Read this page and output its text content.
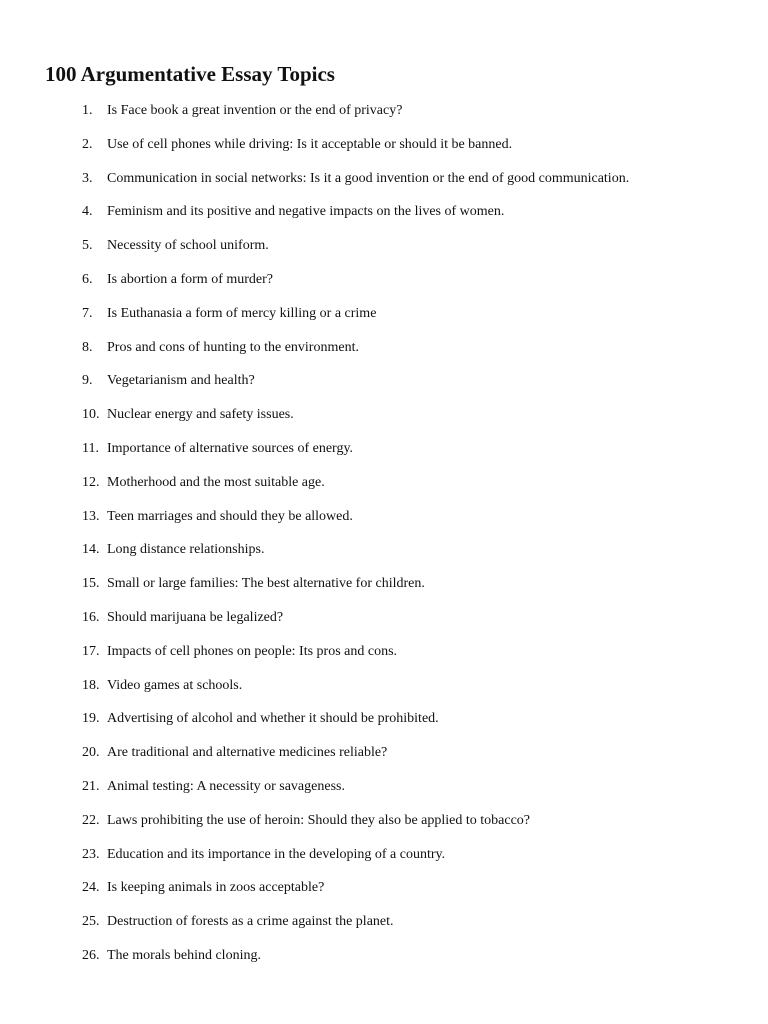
100 Argumentative Essay Topics
1. Is Face book a great invention or the end of privacy?
2. Use of cell phones while driving: Is it acceptable or should it be banned.
3. Communication in social networks: Is it a good invention or the end of good communication.
4. Feminism and its positive and negative impacts on the lives of women.
5. Necessity of school uniform.
6. Is abortion a form of murder?
7. Is Euthanasia a form of mercy killing or a crime
8. Pros and cons of hunting to the environment.
9. Vegetarianism and health?
10. Nuclear energy and safety issues.
11. Importance of alternative sources of energy.
12. Motherhood and the most suitable age.
13. Teen marriages and should they be allowed.
14. Long distance relationships.
15. Small or large families: The best alternative for children.
16. Should marijuana be legalized?
17. Impacts of cell phones on people: Its pros and cons.
18. Video games at schools.
19. Advertising of alcohol and whether it should be prohibited.
20. Are traditional and alternative medicines reliable?
21. Animal testing: A necessity or savageness.
22. Laws prohibiting the use of heroin: Should they also be applied to tobacco?
23. Education and its importance in the developing of a country.
24. Is keeping animals in zoos acceptable?
25. Destruction of forests as a crime against the planet.
26. The morals behind cloning.
